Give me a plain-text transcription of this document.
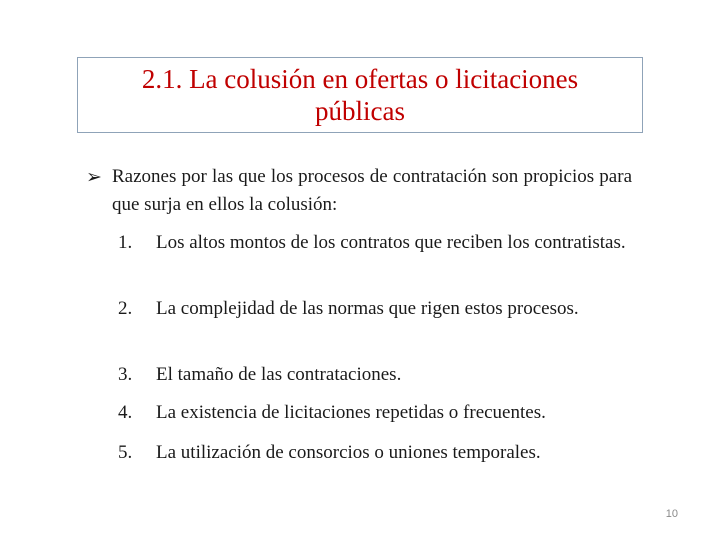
2.1. La colusión en ofertas o licitaciones públicas
➢ Razones por las que los procesos de contratación son propicios para que surja en ellos la colusión:
1.	Los altos montos de los contratos que reciben los contratistas.
2.	La complejidad de las normas que rigen estos procesos.
3.	El tamaño de las contrataciones.
4.	La existencia de licitaciones repetidas o frecuentes.
5.	La utilización de consorcios o uniones temporales.
10
